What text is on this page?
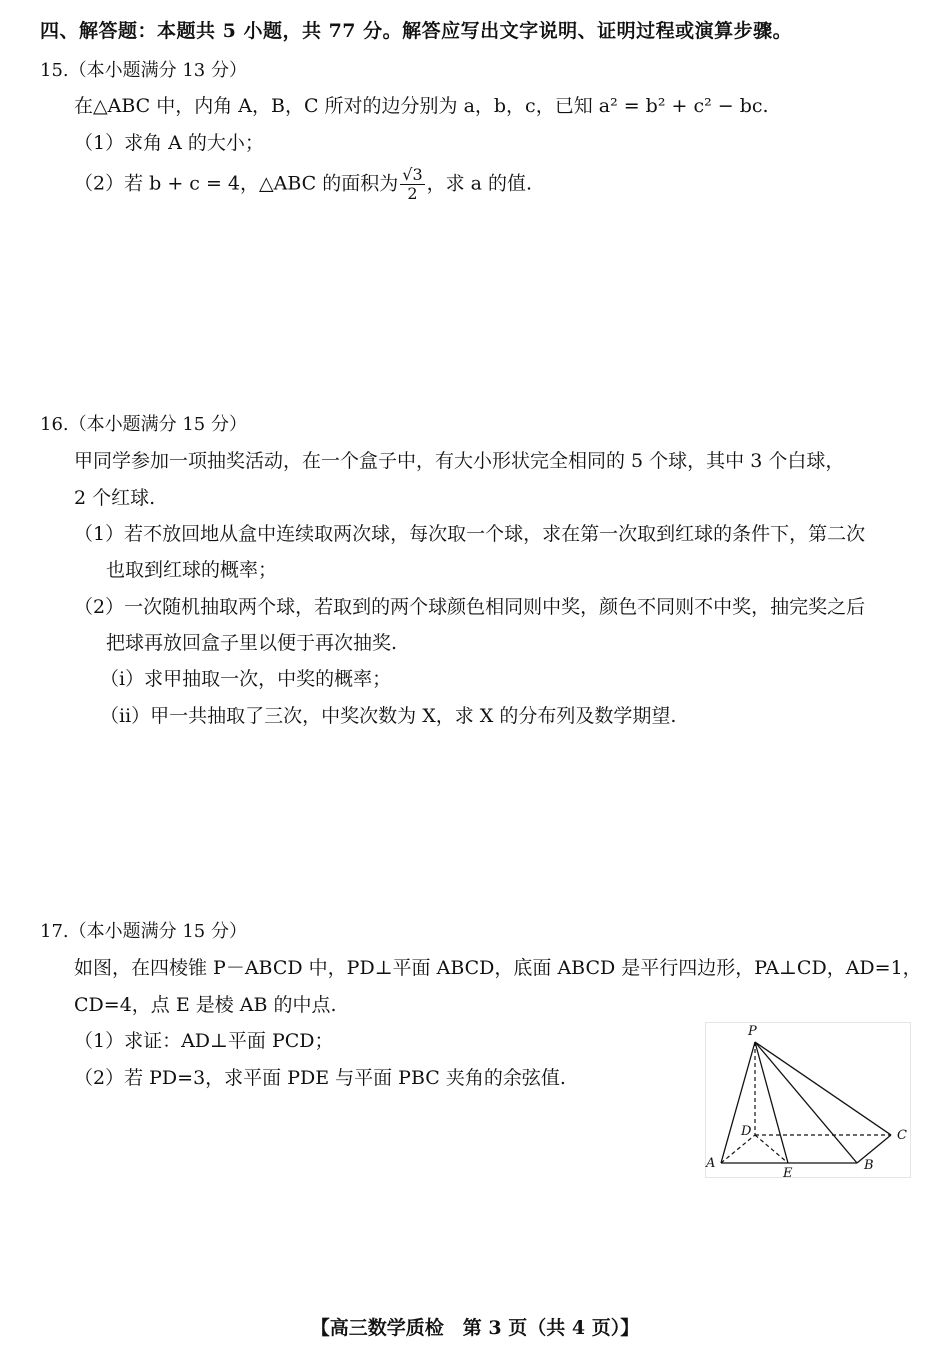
四、解答题：本题共 5 小题，共 77 分。解答应写出文字说明、证明过程或演算步骤。
15.（本小题满分 13 分）
在△ABC 中，内角 A，B，C 所对的边分别为 a，b，c，已知 a² = b² + c² − bc.
（1）求角 A 的大小；
（2）若 b + c = 4，△ABC 的面积为 $\frac{√3}{2}$ ，求 a 的值.
16.（本小题满分 15 分）
甲同学参加一项抽奖活动，在一个盒子中，有大小形状完全相同的 5 个球，其中 3 个白球，
2 个红球.
（1）若不放回地从盒中连续取两次球，每次取一个球，求在第一次取到红球的条件下，第二次
也取到红球的概率；
（2）一次随机抽取两个球，若取到的两个球颜色相同则中奖，颜色不同则不中奖，抽完奖之后
把球再放回盒子里以便于再次抽奖.
（ⅰ）求甲抽取一次，中奖的概率；
（ⅱ）甲一共抽取了三次，中奖次数为 X，求 X 的分布列及数学期望.
17.（本小题满分 15 分）
如图，在四棱锥 P－ABCD 中，PD⊥平面 ABCD，底面 ABCD 是平行四边形，PA⊥CD，AD=1，
CD=4，点 E 是棱 AB 的中点.
（1）求证：AD⊥平面 PCD；
（2）若 PD=3，求平面 PDE 与平面 PBC 夹角的余弦值.
P
D	C
A
E
B
【高三数学质检　第 3 页（共 4 页）】
